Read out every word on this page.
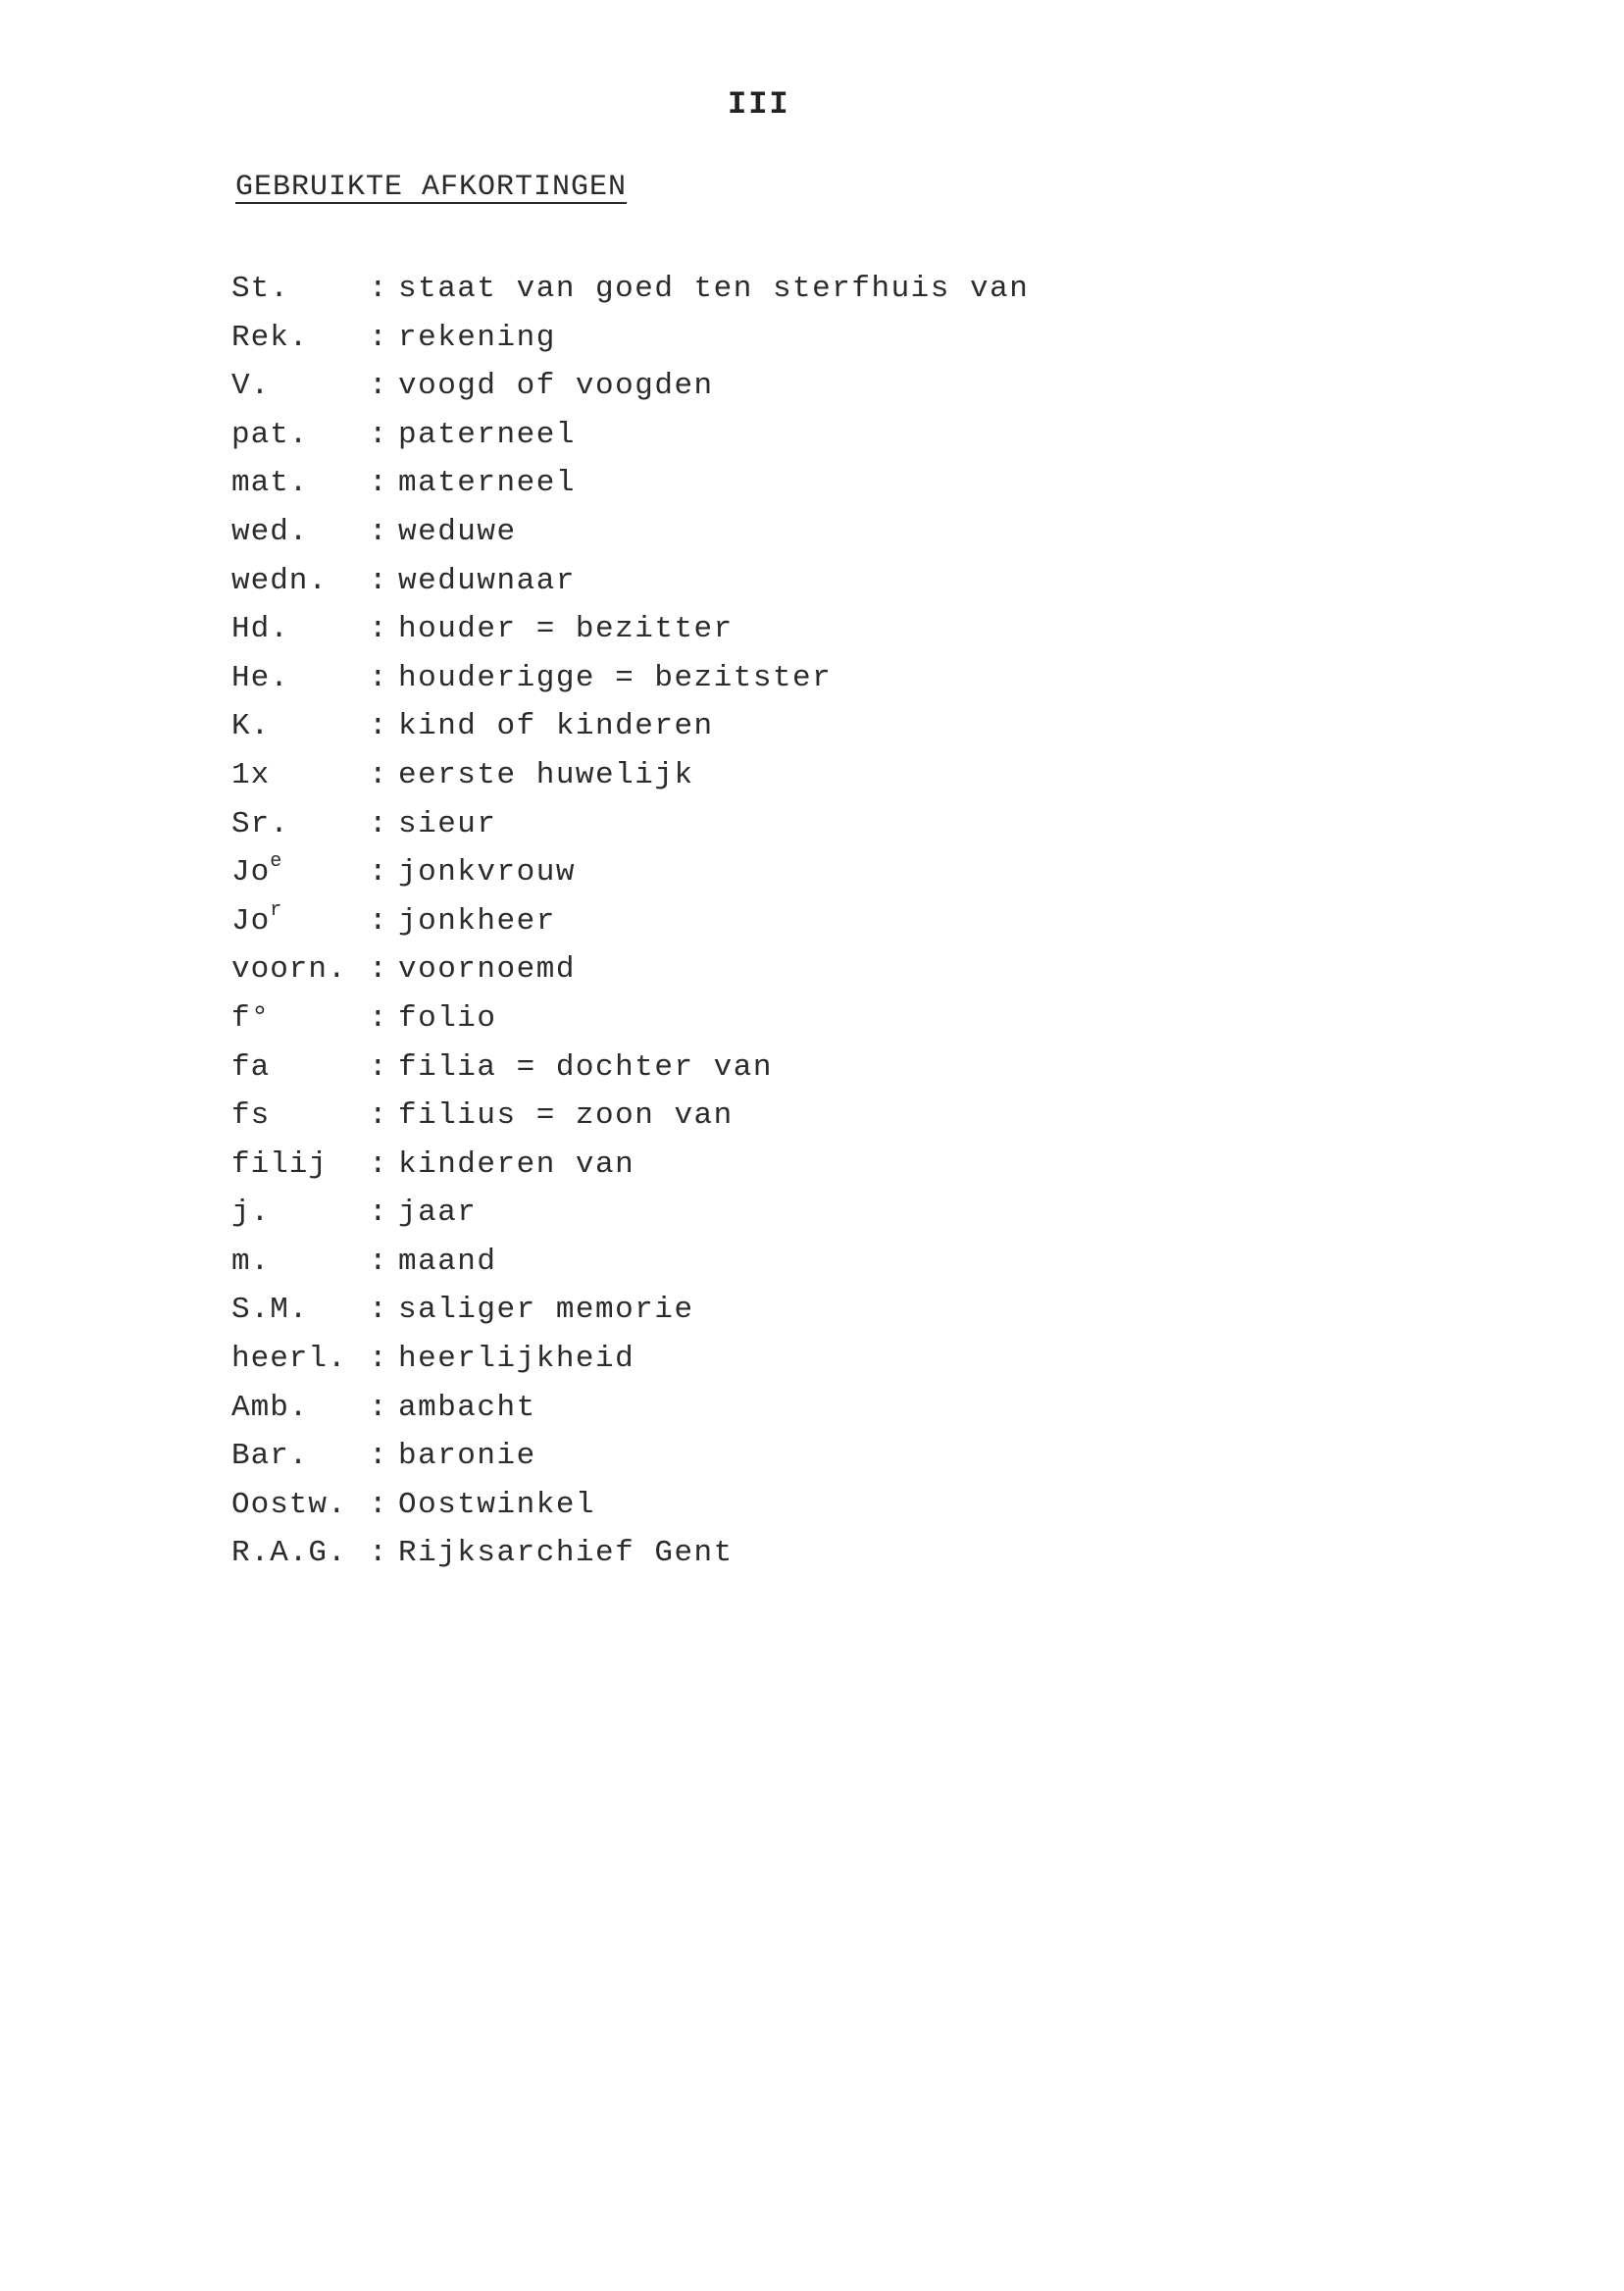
III
GEBRUIKTE AFKORTINGEN
St.	: staat van goed ten sterfhuis van
Rek.	: rekening
V.	: voogd of voogden
pat.	: paterneel
mat.	: materneel
wed.	: weduwe
wedn.	: weduwnaar
Hd.	: houder = bezitter
He.	: houderigge = bezitster
K.	: kind of kinderen
1x	: eerste huwelijk
Sr.	: sieur
Jo$^e$	: jonkvrouw
Jo$^r$	: jonkheer
voorn. : voornoemd
f°	: folio
fa	: filia = dochter van
fs	: filius = zoon van
filij	: kinderen van
j.	: jaar
m.	: maand
S.M.	: saliger memorie
heerl. : heerlijkheid
Amb.	: ambacht
Bar.	: baronie
Oostw. : Oostwinkel
R.A.G. : Rijksarchief Gent
